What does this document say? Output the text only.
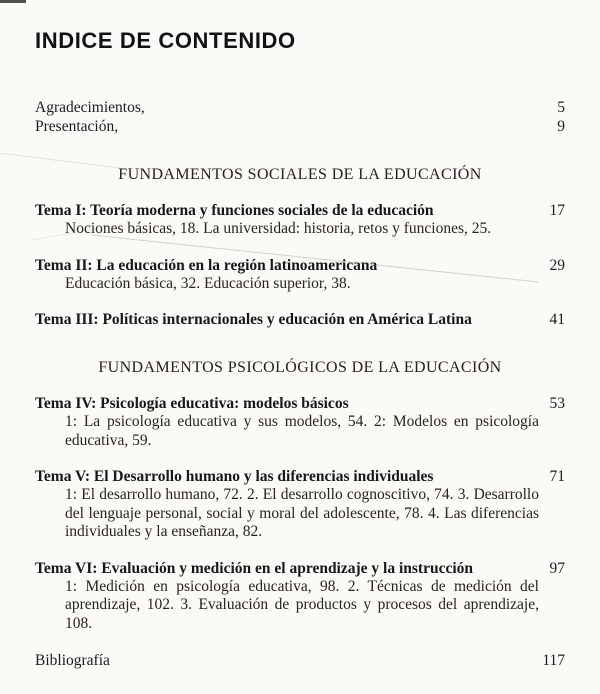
INDICE DE CONTENIDO
Agradecimientos,	5
Presentación,	9
FUNDAMENTOS SOCIALES DE LA EDUCACIÓN
Tema I: Teoría moderna y funciones sociales de la educación	17
Nociones básicas, 18. La universidad: historia, retos y funciones, 25.
Tema II: La educación en la región latinoamericana	29
Educación básica, 32. Educación superior, 38.
Tema III: Políticas internacionales y educación en América Latina	41
FUNDAMENTOS PSICOLÓGICOS DE LA EDUCACIÓN
Tema IV: Psicología educativa: modelos básicos	53
1: La psicología educativa y sus modelos, 54. 2: Modelos en psicología educativa, 59.
Tema V: El Desarrollo humano y las diferencias individuales	71
1: El desarrollo humano, 72. 2. El desarrollo cognoscitivo, 74. 3. Desarrollo del lenguaje personal, social y moral del adolescente, 78. 4. Las diferencias individuales y la enseñanza, 82.
Tema VI: Evaluación y medición en el aprendizaje y la instrucción	97
1: Medición en psicología educativa, 98. 2. Técnicas de medición del aprendizaje, 102. 3. Evaluación de productos y procesos del aprendizaje, 108.
Bibliografía	117
